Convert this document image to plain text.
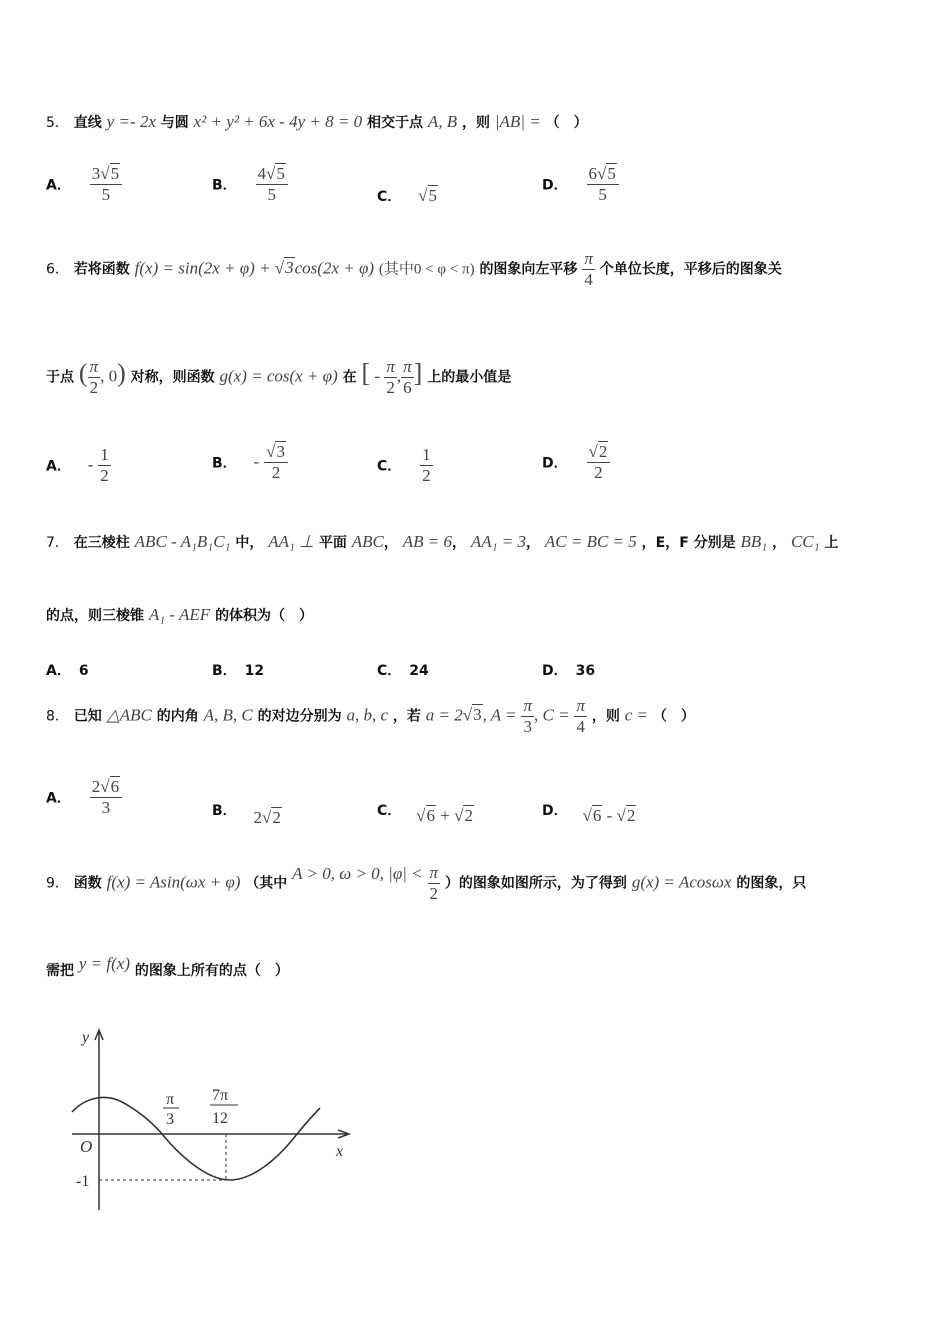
5． 直线 y =- 2x 与圆 x² + y² + 6x - 4y + 8 = 0 相交于点 A, B ，则 |AB| = （　）
A． $\frac{3√5}{5}$	B． $\frac{4√5}{5}$	C． √5
D． $\frac{6√5}{5}$
6． 若将函数 f(x) = sin(2x + φ) + √3cos(2x + φ) (其中0 < φ < π) 的图象向左平移 $\frac{\pi}{4}$ 个单位长度，平移后的图象关
于点 ( $\frac{\pi}{2}$ , 0) 对称，则函数 g(x) = cos(x + φ) 在 [ - $\frac{\pi}{2}$ , $\frac{\pi}{6}$ ] 上的最小值是
A． - $\frac{1}{2}$	B． - $\frac{√3}{2}$	C． $\frac{1}{2}$	D． $\frac{√2}{2}$
7． 在三棱柱 ABC - A₁B₁C₁ 中， AA₁ ⊥ 平面 ABC， AB = 6， AA₁ = 3， AC = BC = 5 ，E，F 分别是 BB₁ ， CC₁ 上
的点，则三棱锥 A₁ - AEF 的体积为（　）
A． 6	B． 12	C． 24	D． 36
8． 已知 △ABC 的内角 A, B, C 的对边分别为 a, b, c ，若 a = 2√3, $A = \frac{\pi}{3}$ , $C = \frac{\pi}{4}$ ，则 c = （　）
A． $\frac{2√6}{3}$	B． 2√2	C． √6 + √2	D． √6 - √2
9． 函数 f(x) = Asin(ωx + φ) （其中 A > 0, ω > 0, $|\varphi| < \frac{\pi}{2}$ ）的图象如图所示，为了得到 g(x) = Acosωx 的图象，只
需把 y = f(x) 的图象上所有的点（　）
y
x
O
-1
π
3
7π
12
